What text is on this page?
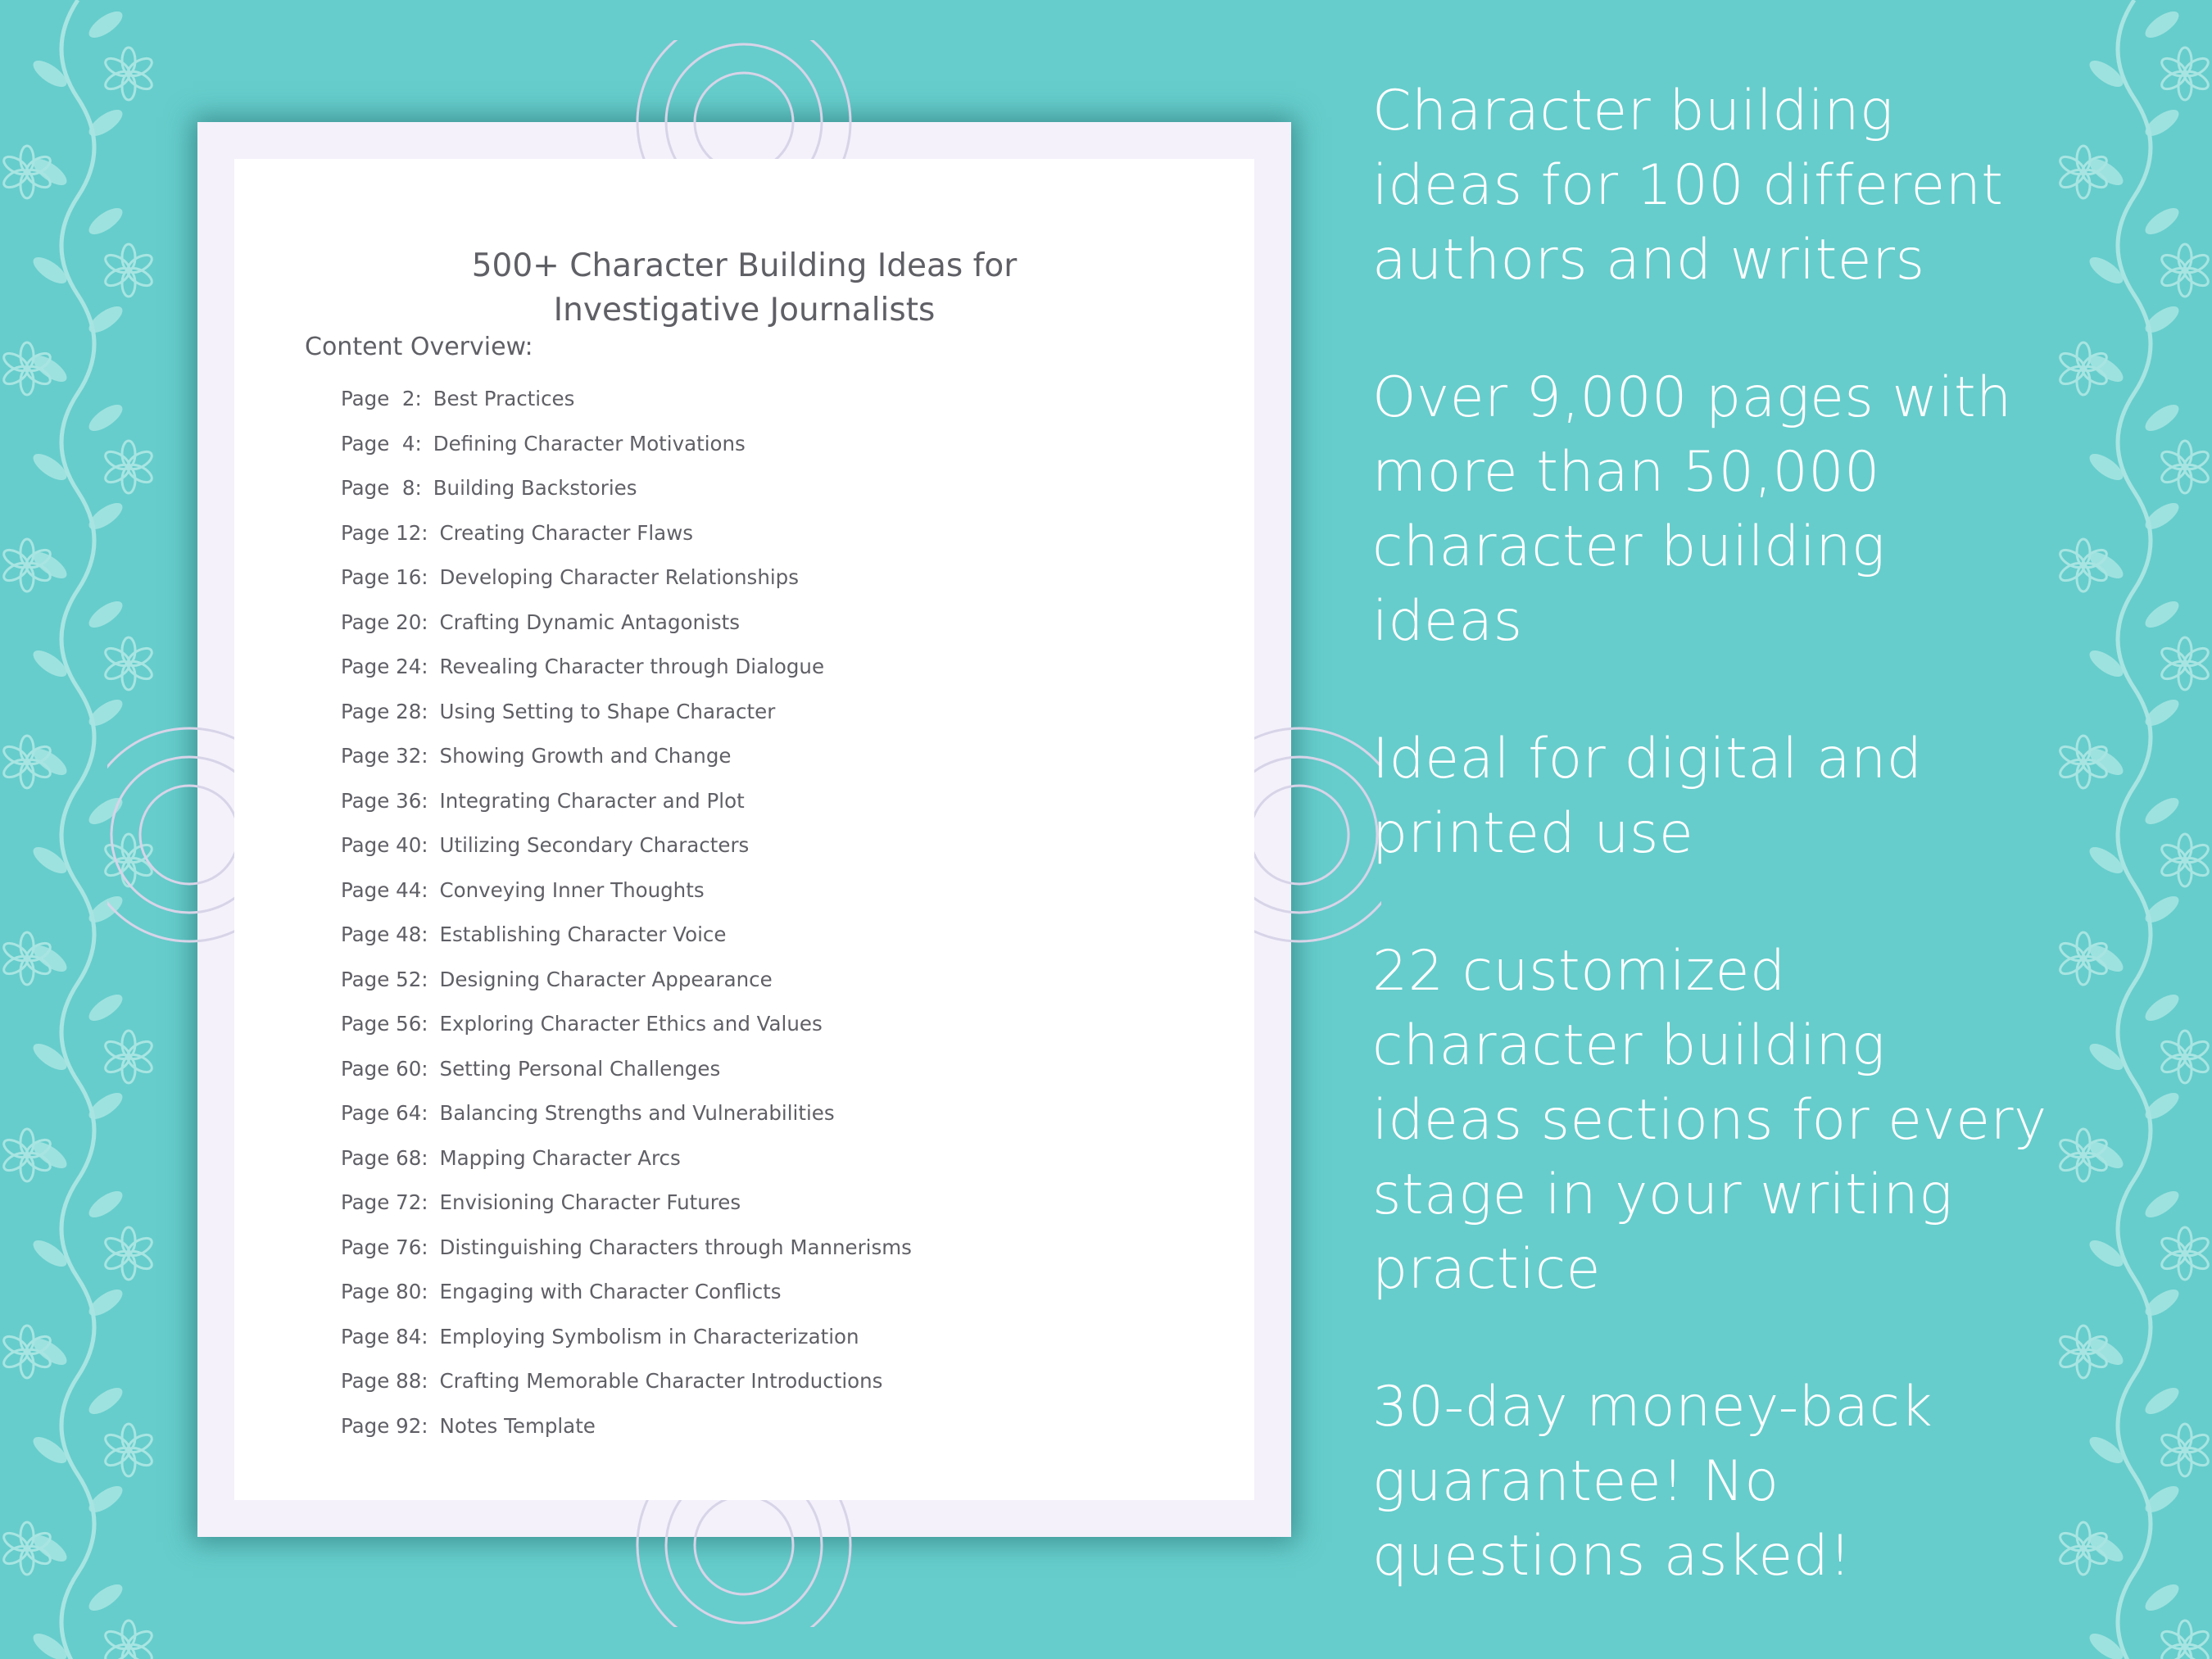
500+ Character Building Ideas for
Investigative Journalists

Content Overview:

Page  2: Best Practices
Page  4: Defining Character Motivations
Page  8: Building Backstories
Page 12: Creating Character Flaws
Page 16: Developing Character Relationships
Page 20: Crafting Dynamic Antagonists
Page 24: Revealing Character through Dialogue
Page 28: Using Setting to Shape Character
Page 32: Showing Growth and Change
Page 36: Integrating Character and Plot
Page 40: Utilizing Secondary Characters
Page 44: Conveying Inner Thoughts
Page 48: Establishing Character Voice
Page 52: Designing Character Appearance
Page 56: Exploring Character Ethics and Values
Page 60: Setting Personal Challenges
Page 64: Balancing Strengths and Vulnerabilities
Page 68: Mapping Character Arcs
Page 72: Envisioning Character Futures
Page 76: Distinguishing Characters through Mannerisms
Page 80: Engaging with Character Conflicts
Page 84: Employing Symbolism in Characterization
Page 88: Crafting Memorable Character Introductions
Page 92: Notes Template
Character building
ideas for 100 different
authors and writers
Over 9,000 pages with
more than 50,000
character building
ideas
Ideal for digital and
printed use
22 customized
character building
ideas sections for every
stage in your writing
practice
30-day money-back
guarantee! No
questions asked!
